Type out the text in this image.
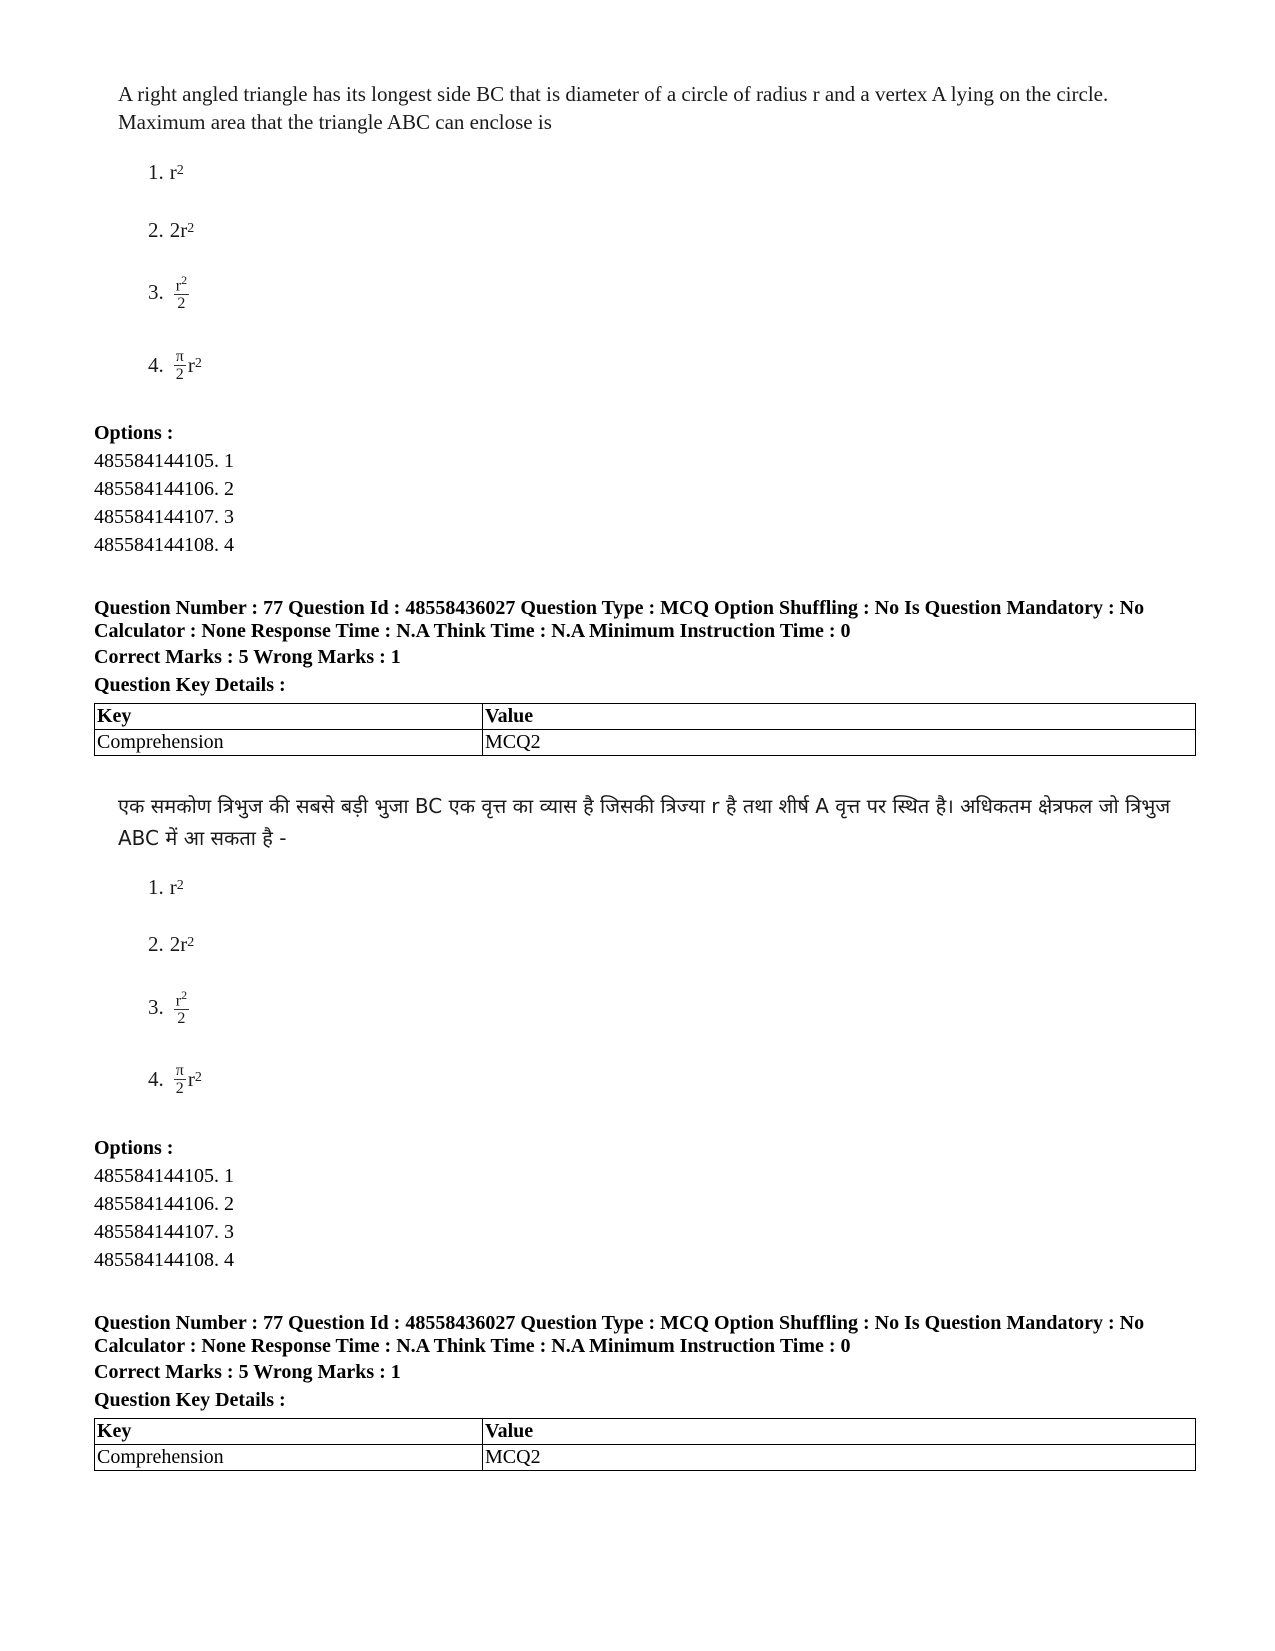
A right angled triangle has its longest side BC that is diameter of a circle of radius r and a vertex A lying on the circle. Maximum area that the triangle ABC can enclose is
1. r 2
2. 2r 2
3. $\frac{r^2}{2}$
4. $\frac{\pi}{2}$ r 2
Options :
485584144105. 1
485584144106. 2
485584144107. 3
485584144108. 4
Question Number : 77 Question Id : 48558436027 Question Type : MCQ Option Shuffling : No Is Question Mandatory : No Calculator : None Response Time : N.A Think Time : N.A Minimum Instruction Time : 0
Correct Marks : 5 Wrong Marks : 1
Question Key Details :
Key	Value
Comprehension	MCQ2
एक समकोण त्रिभुज की सबसे बड़ी भुजा BC एक वृत्त का व्यास है जिसकी त्रिज्या r है तथा शीर्ष A वृत्त पर स्थित है। अधिकतम क्षेत्रफल जो त्रिभुज ABC में आ सकता है -
1. r 2
2. 2r 2
3. $\frac{r^2}{2}$
4. $\frac{\pi}{2}$ r 2
Options :
485584144105. 1
485584144106. 2
485584144107. 3
485584144108. 4
Question Number : 77 Question Id : 48558436027 Question Type : MCQ Option Shuffling : No Is Question Mandatory : No Calculator : None Response Time : N.A Think Time : N.A Minimum Instruction Time : 0
Correct Marks : 5 Wrong Marks : 1
Question Key Details :
Key	Value
Comprehension	MCQ2
